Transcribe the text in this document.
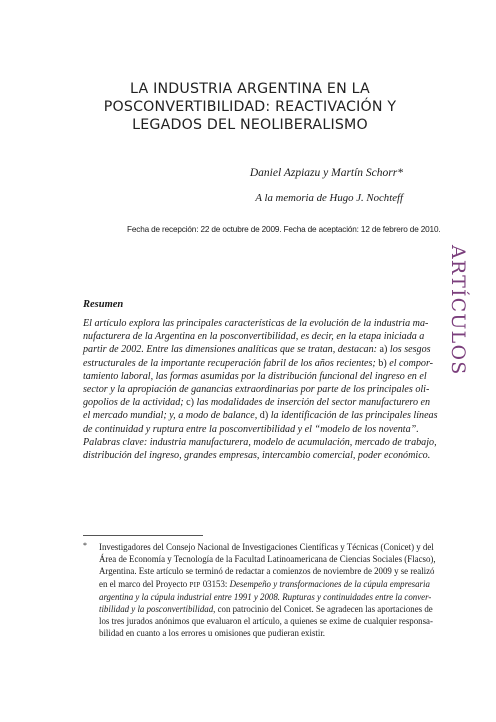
LA INDUSTRIA ARGENTINA EN LA
POSCONVERTIBILIDAD: REACTIVACIÓN Y
LEGADOS DEL NEOLIBERALISMO
Daniel Azpiazu y Martín Schorr*
A la memoria de Hugo J. Nochteff
Fecha de recepción: 22 de octubre de 2009. Fecha de aceptación: 12 de febrero de 2010.
ARTÍCULOS
Resumen
El artículo explora las principales características de la evolución de la industria ma-
nufacturera de la Argentina en la posconvertibilidad, es decir, en la etapa iniciada a
partir de 2002. Entre las dimensiones analíticas que se tratan, destacan: a) los sesgos
estructurales de la importante recuperación fabril de los años recientes; b) el compor-
tamiento laboral, las formas asumidas por la distribución funcional del ingreso en el
sector y la apropiación de ganancias extraordinarias por parte de los principales oli-
gopolios de la actividad; c) las modalidades de inserción del sector manufacturero en
el mercado mundial; y, a modo de balance, d) la identificación de las principales líneas
de continuidad y ruptura entre la posconvertibilidad y el “modelo de los noventa”.
Palabras clave: industria manufacturera, modelo de acumulación, mercado de trabajo,
distribución del ingreso, grandes empresas, intercambio comercial, poder económico.
* Investigadores del Consejo Nacional de Investigaciones Científicas y Técnicas (Conicet) y del
Área de Economía y Tecnología de la Facultad Latinoamericana de Ciencias Sociales (Flacso),
Argentina. Este artículo se terminó de redactar a comienzos de noviembre de 2009 y se realizó
en el marco del Proyecto PIP 03153: Desempeño y transformaciones de la cúpula empresaria
argentina y la cúpula industrial entre 1991 y 2008. Rupturas y continuidades entre la conver-
tibilidad y la posconvertibilidad, con patrocinio del Conicet. Se agradecen las aportaciones de
los tres jurados anónimos que evaluaron el artículo, a quienes se exime de cualquier responsa-
bilidad en cuanto a los errores u omisiones que pudieran existir.
